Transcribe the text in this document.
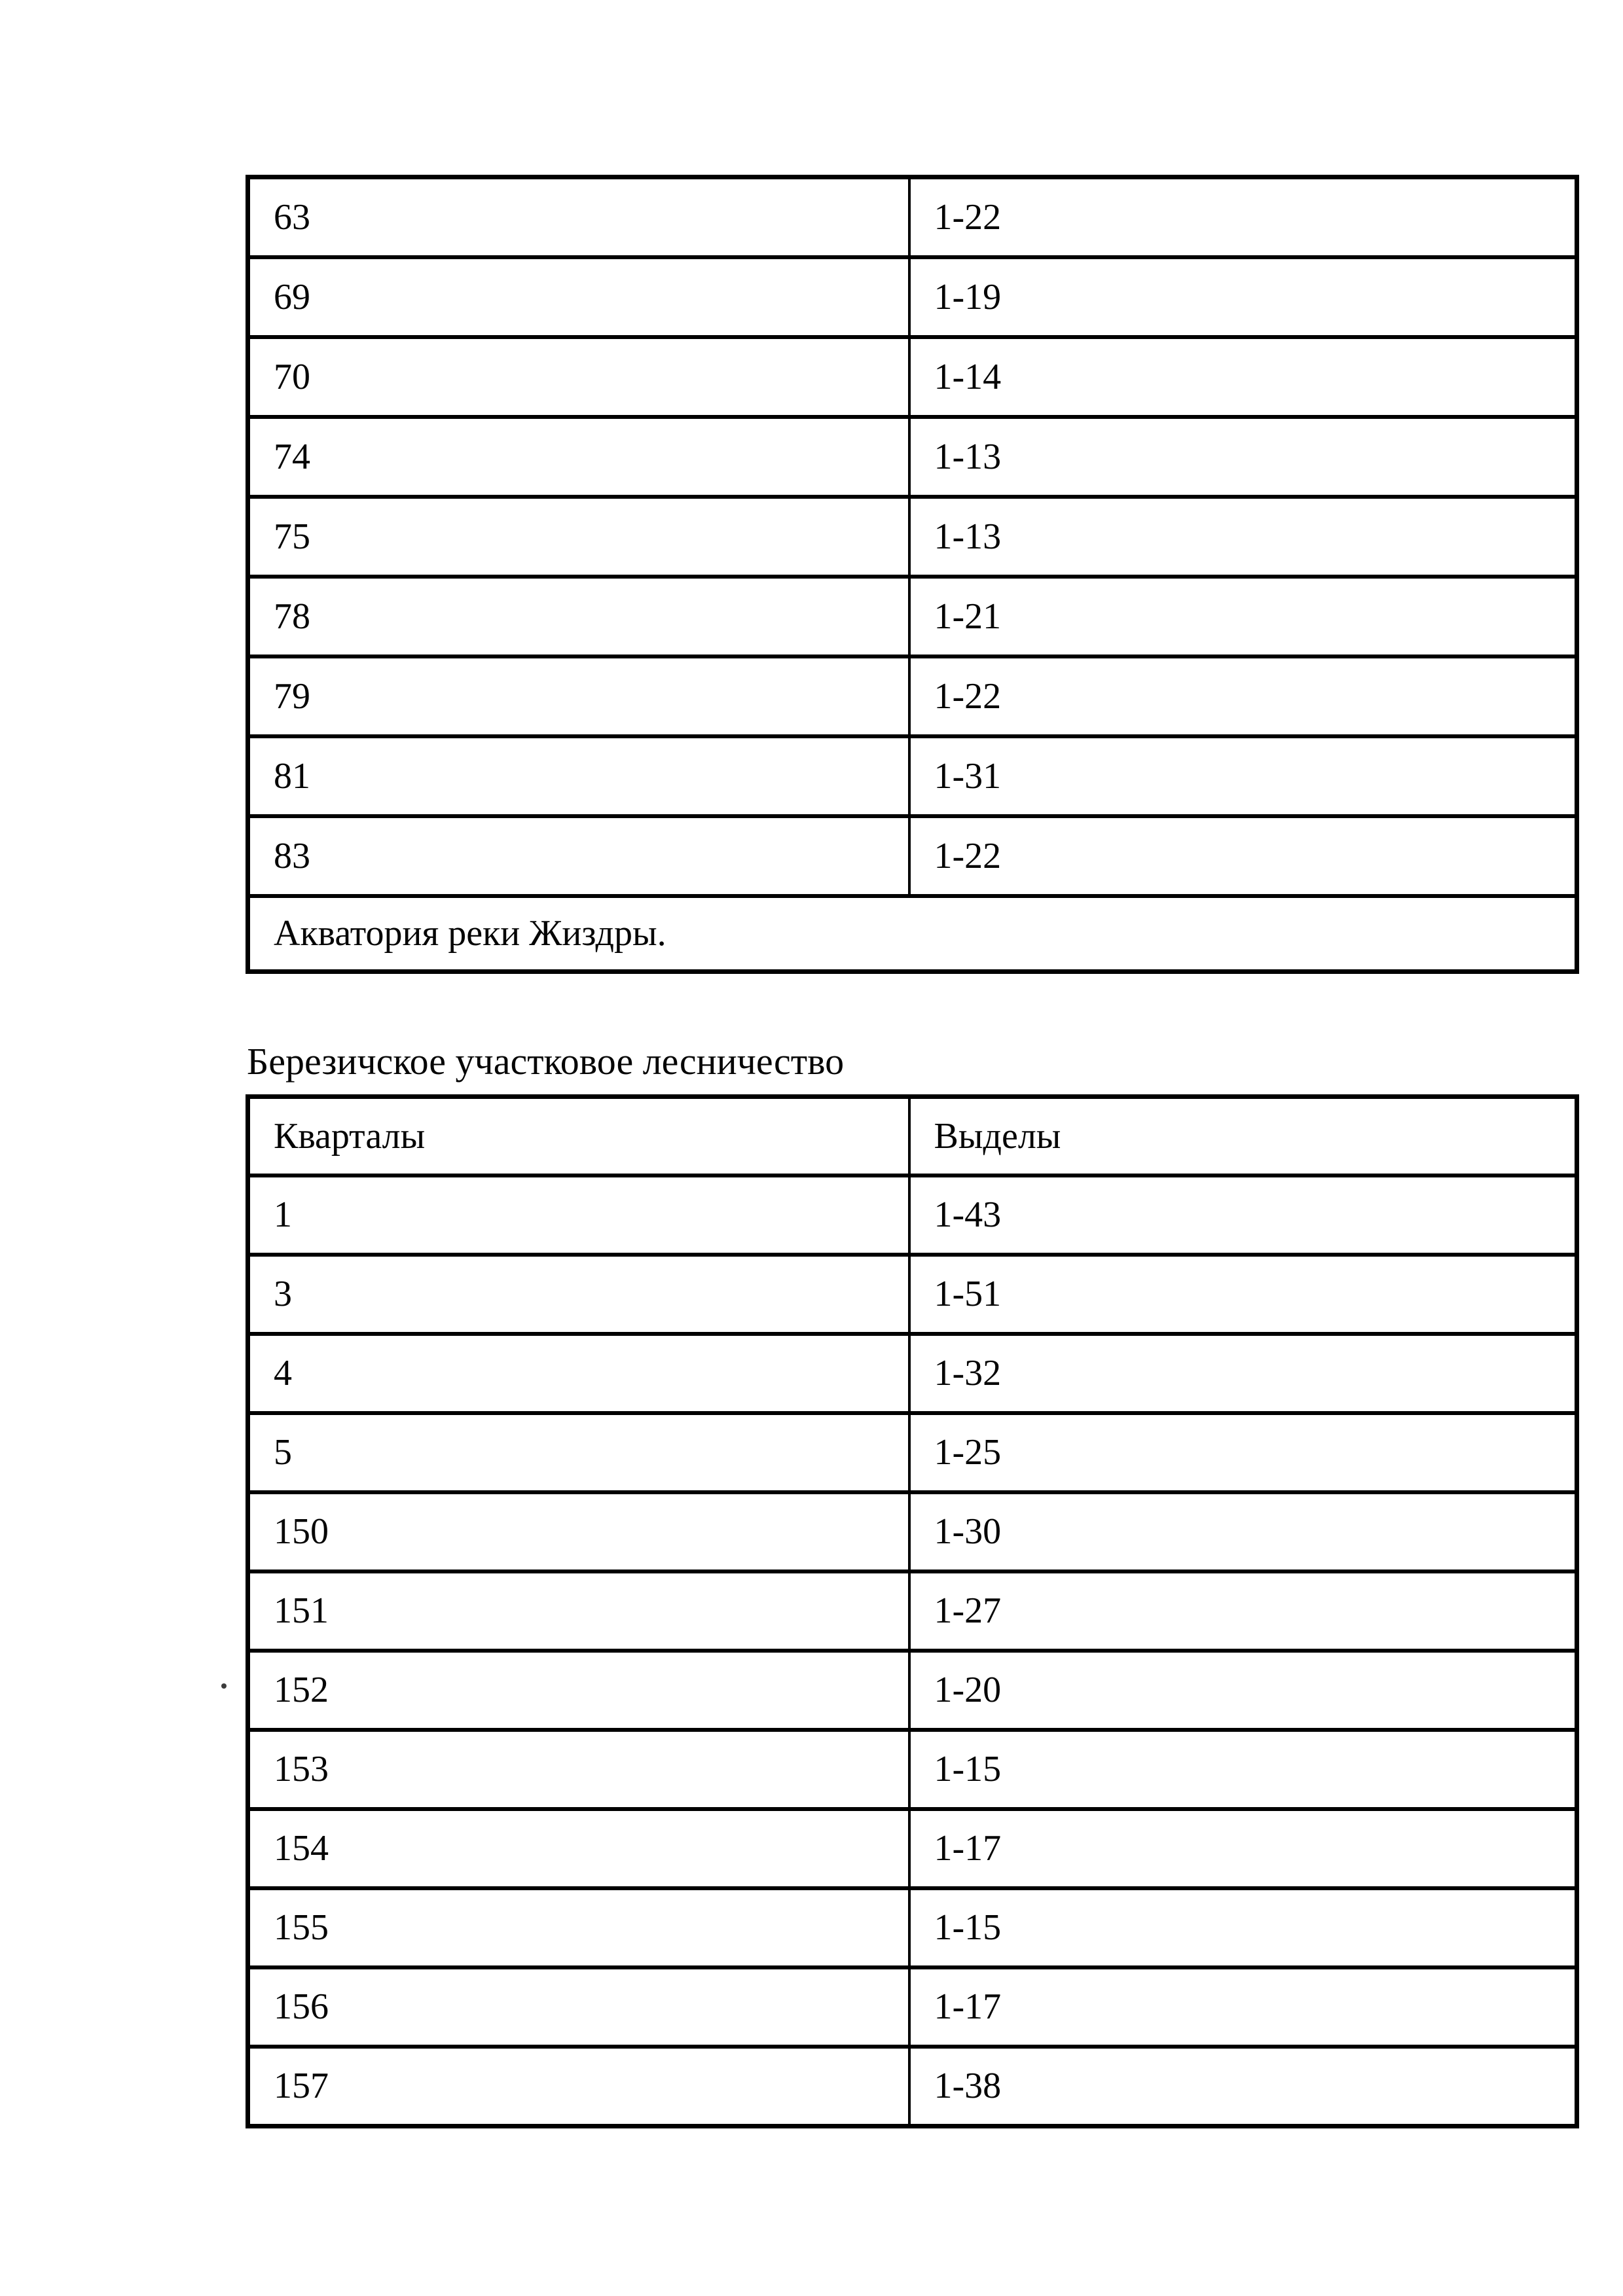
63	1-22
69	1-19
70	1-14
74	1-13
75	1-13
78	1-21
79	1-22
81	1-31
83	1-22
Акватория реки Жиздры.	
Березичское участковое лесничество
Кварталы	Выделы
1	1-43
3	1-51
4	1-32
5	1-25
150	1-30
151	1-27
152	1-20
153	1-15
154	1-17
155	1-15
156	1-17
157	1-38
